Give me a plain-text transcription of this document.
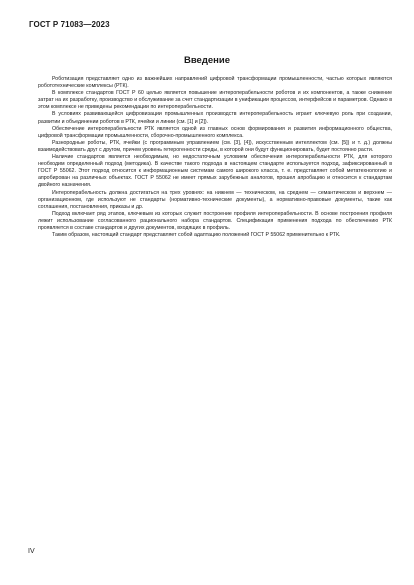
ГОСТ Р 71083—2023
Введение

Роботизация представляет одно из важнейших направлений цифровой трансформации промышленности, частью которых являются робототехнические комплексы (РТК).

В комплексе стандартов ГОСТ Р 60 целью является повышение интероперабельности роботов и их компонентов, а также снижение затрат на их разработку, производство и обслуживание за счет стандартизации в унификации процессов, интерфейсов и параметров. Однако в этом комплексе не приведены рекомендации по интероперабельности.

В условиях развивающейся цифровизации промышленных производств интероперабельность играет ключевую роль при создании, развитии и объединении роботов в РТК, ячейки и линии (см. [1] и [2]).

Обеспечение интероперабельности РТК является одной из главных основ формирования и развития информационного общества, цифровой трансформации промышленности, сборочно-промышленного комплекса.

Разнородные роботы, РТК, ячейки (с программным управлением (см. [3], [4]), искусственным интеллектом (см. [5]) и т. д.) должны взаимодействовать друг с другом, причем уровень гетерогенности среды, в которой они будут функционировать, будет постоянно расти.

Наличие стандартов является необходимым, но недостаточным условием обеспечения интероперабельности РТК, для которого необходим определенный подход (методика). В качестве такого подхода в настоящем стандарте используется подход, зафиксированный в ГОСТ Р 55062. Этот подход относится к информационным системам самого широкого класса, т. е. представляет собой метатехнологию и апробирован на различных объектах. ГОСТ Р 55062 не имеет прямых зарубежных аналогов, прошел апробацию и относится к стандартам двойного назначения.

Интероперабельность должна достигаться на трех уровнях: на нижнем — техническом, на среднем — семантическом и верхнем — организационном, где используют не стандарты (нормативно-технические документы), а нормативно-правовые документы, такие как соглашения, постановления, приказы и др.

Подход включает ряд этапов, ключевым из которых служит построение профиля интероперабельности. В основе построения профиля лежит использование согласованного рационального набора стандартов. Спецификация применения подхода по обеспечению РТК проявляется в составе стандартов и других документов, входящих в профиль.

Таким образом, настоящий стандарт представляет собой адаптацию положений ГОСТ Р 55062 применительно к РТК.

IV
